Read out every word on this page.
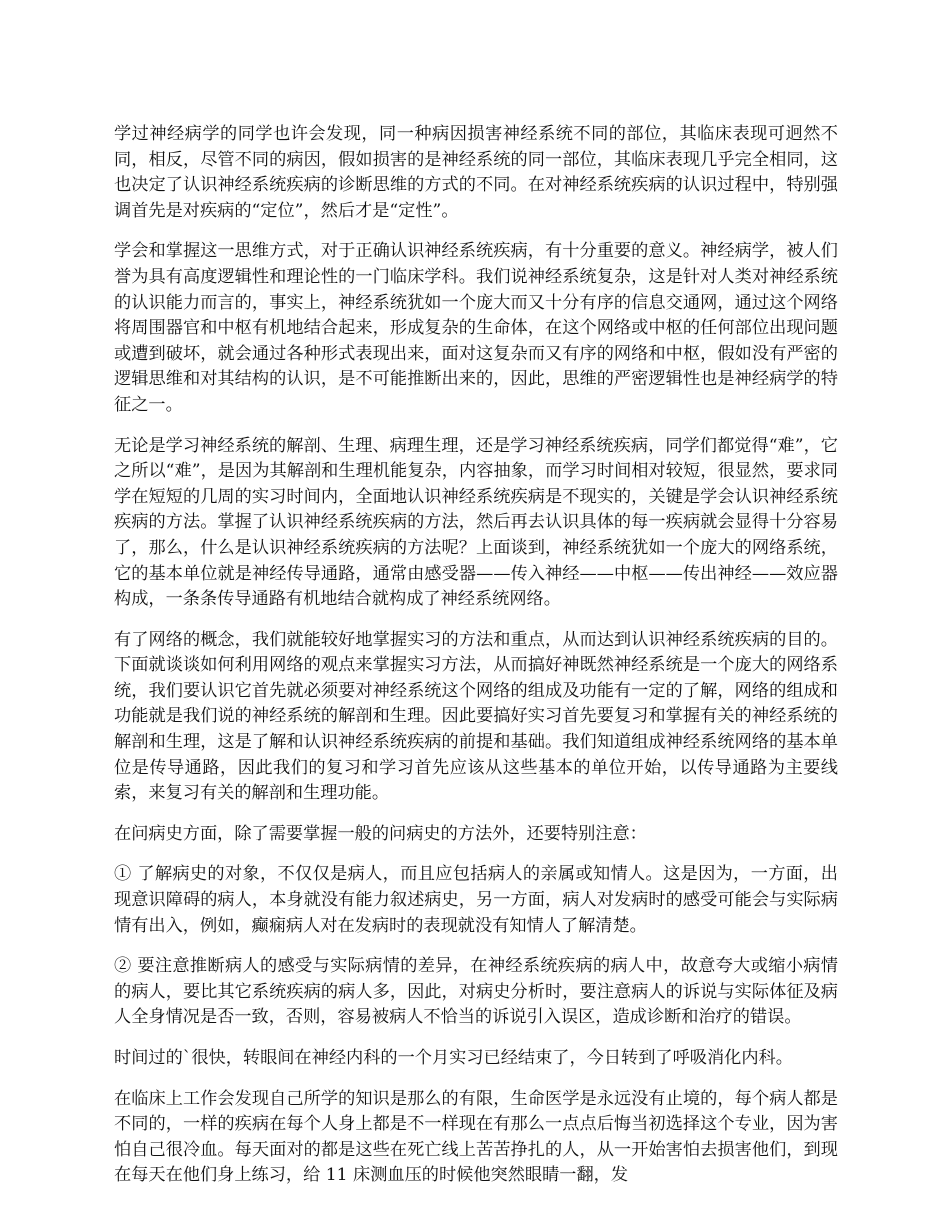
学过神经病学的同学也许会发现，同一种病因损害神经系统不同的部位，其临床表现可迥然不同，相反，尽管不同的病因，假如损害的是神经系统的同一部位，其临床表现几乎完全相同，这也决定了认识神经系统疾病的诊断思维的方式的不同。在对神经系统疾病的认识过程中，特别强调首先是对疾病的“定位”，然后才是“定性”。

学会和掌握这一思维方式，对于正确认识神经系统疾病，有十分重要的意义。神经病学，被人们誉为具有高度逻辑性和理论性的一门临床学科。我们说神经系统复杂，这是针对人类对神经系统的认识能力而言的，事实上，神经系统犹如一个庞大而又十分有序的信息交通网，通过这个网络将周围器官和中枢有机地结合起来，形成复杂的生命体，在这个网络或中枢的任何部位出现问题或遭到破坏，就会通过各种形式表现出来，面对这复杂而又有序的网络和中枢，假如没有严密的逻辑思维和对其结构的认识，是不可能推断出来的，因此，思维的严密逻辑性也是神经病学的特征之一。

无论是学习神经系统的解剖、生理、病理生理，还是学习神经系统疾病，同学们都觉得“难”，它之所以“难”，是因为其解剖和生理机能复杂，内容抽象，而学习时间相对较短，很显然，要求同学在短短的几周的实习时间内，全面地认识神经系统疾病是不现实的，关键是学会认识神经系统疾病的方法。掌握了认识神经系统疾病的方法，然后再去认识具体的每一疾病就会显得十分容易了，那么，什么是认识神经系统疾病的方法呢？上面谈到，神经系统犹如一个庞大的网络系统，它的基本单位就是神经传导通路，通常由感受器——传入神经——中枢——传出神经——效应器构成，一条条传导通路有机地结合就构成了神经系统网络。

有了网络的概念，我们就能较好地掌握实习的方法和重点，从而达到认识神经系统疾病的目的。下面就谈谈如何利用网络的观点来掌握实习方法，从而搞好神既然神经系统是一个庞大的网络系统，我们要认识它首先就必须要对神经系统这个网络的组成及功能有一定的了解，网络的组成和功能就是我们说的神经系统的解剖和生理。因此要搞好实习首先要复习和掌握有关的神经系统的解剖和生理，这是了解和认识神经系统疾病的前提和基础。我们知道组成神经系统网络的基本单位是传导通路，因此我们的复习和学习首先应该从这些基本的单位开始，以传导通路为主要线索，来复习有关的解剖和生理功能。

在问病史方面，除了需要掌握一般的问病史的方法外，还要特别注意：

① 了解病史的对象，不仅仅是病人，而且应包括病人的亲属或知情人。这是因为，一方面，出现意识障碍的病人，本身就没有能力叙述病史，另一方面，病人对发病时的感受可能会与实际病情有出入，例如，癫痫病人对在发病时的表现就没有知情人了解清楚。

② 要注意推断病人的感受与实际病情的差异，在神经系统疾病的病人中，故意夸大或缩小病情的病人，要比其它系统疾病的病人多，因此，对病史分析时，要注意病人的诉说与实际体征及病人全身情况是否一致，否则，容易被病人不恰当的诉说引入误区，造成诊断和治疗的错误。

时间过的`很快，转眼间在神经内科的一个月实习已经结束了，今日转到了呼吸消化内科。

在临床上工作会发现自己所学的知识是那么的有限，生命医学是永远没有止境的，每个病人都是不同的，一样的疾病在每个人身上都是不一样现在有那么一点点后悔当初选择这个专业，因为害怕自己很冷血。每天面对的都是这些在死亡线上苦苦挣扎的人，从一开始害怕去损害他们，到现在每天在他们身上练习，给 11 床测血压的时候他突然眼睛一翻，发
